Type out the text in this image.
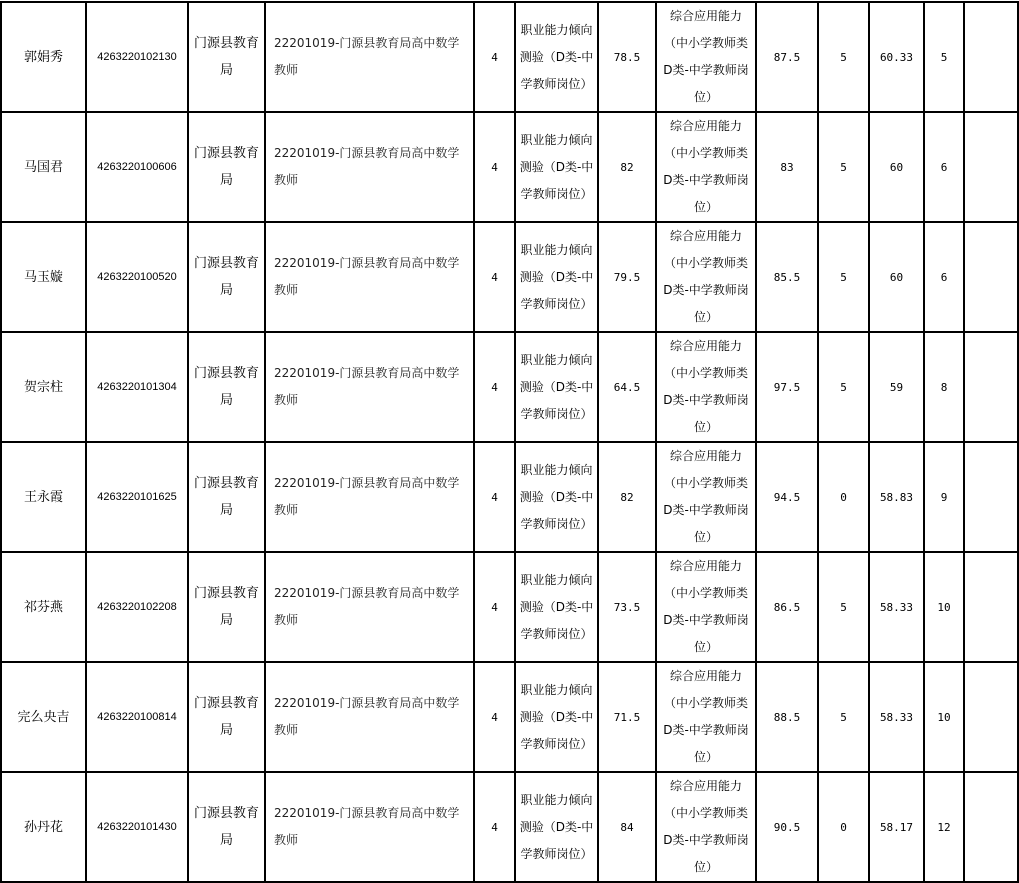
郭娟秀	4263220102130	门源县教育局	22201019-门源县教育局高中数学教师	4	职业能力倾向测验（D类-中学教师岗位）	78.5	综合应用能力（中小学教师类D类-中学教师岗位）	87.5	5	60.33	5	
马国君	4263220100606	门源县教育局	22201019-门源县教育局高中数学教师	4	职业能力倾向测验（D类-中学教师岗位）	82	综合应用能力（中小学教师类D类-中学教师岗位）	83	5	60	6	
马玉嫙	4263220100520	门源县教育局	22201019-门源县教育局高中数学教师	4	职业能力倾向测验（D类-中学教师岗位）	79.5	综合应用能力（中小学教师类D类-中学教师岗位）	85.5	5	60	6	
贺宗柱	4263220101304	门源县教育局	22201019-门源县教育局高中数学教师	4	职业能力倾向测验（D类-中学教师岗位）	64.5	综合应用能力（中小学教师类D类-中学教师岗位）	97.5	5	59	8	
王永霞	4263220101625	门源县教育局	22201019-门源县教育局高中数学教师	4	职业能力倾向测验（D类-中学教师岗位）	82	综合应用能力（中小学教师类D类-中学教师岗位）	94.5	0	58.83	9	
祁芬燕	4263220102208	门源县教育局	22201019-门源县教育局高中数学教师	4	职业能力倾向测验（D类-中学教师岗位）	73.5	综合应用能力（中小学教师类D类-中学教师岗位）	86.5	5	58.33	10	
完么央吉	4263220100814	门源县教育局	22201019-门源县教育局高中数学教师	4	职业能力倾向测验（D类-中学教师岗位）	71.5	综合应用能力（中小学教师类D类-中学教师岗位）	88.5	5	58.33	10	
孙丹花	4263220101430	门源县教育局	22201019-门源县教育局高中数学教师	4	职业能力倾向测验（D类-中学教师岗位）	84	综合应用能力（中小学教师类D类-中学教师岗位）	90.5	0	58.17	12	
